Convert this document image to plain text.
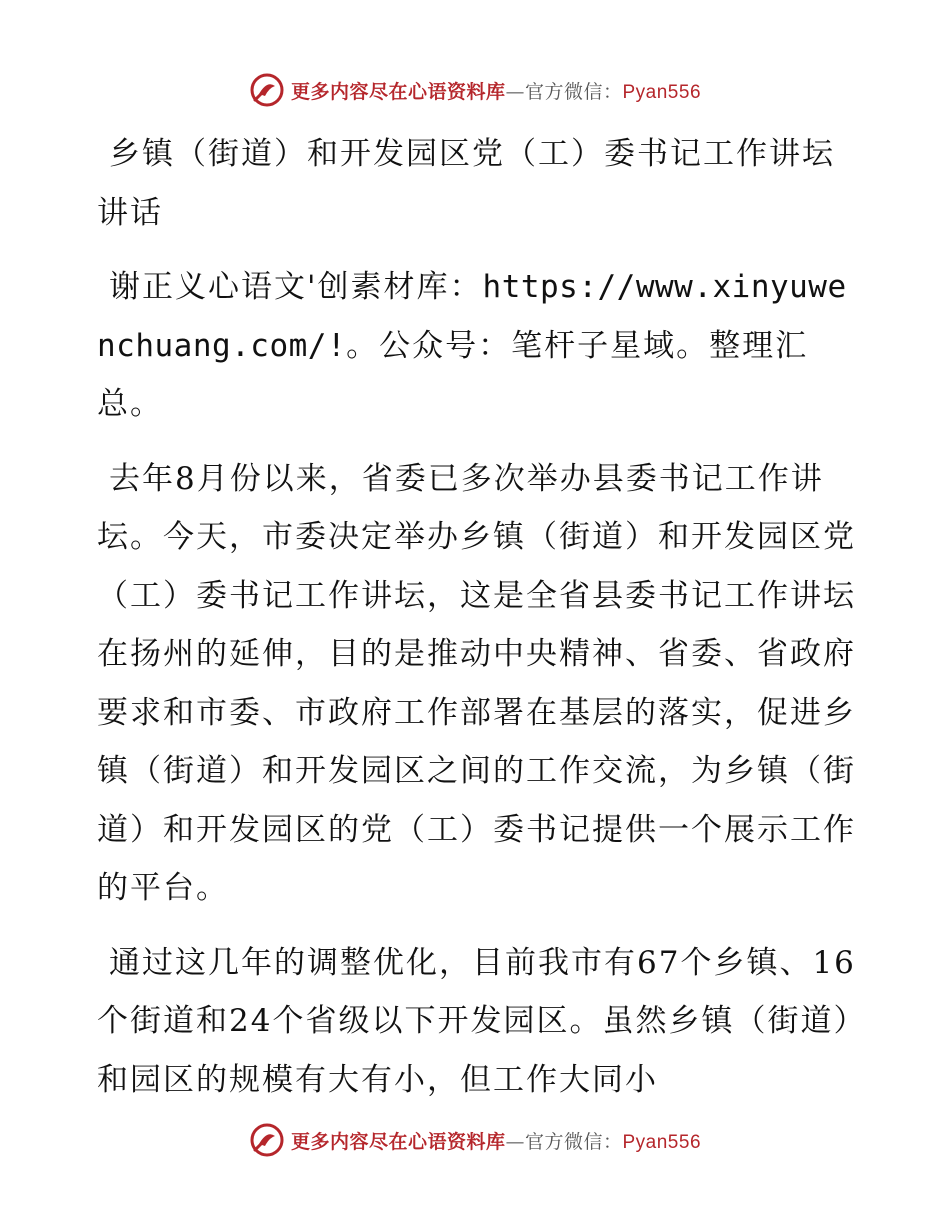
更多内容尽在心语资料库—官方微信：Pyan556

乡镇（街道）和开发园区党（工）委书记工作讲坛讲话

谢正义心语文'创素材库：https://www.xinyuwenchuang.com/!。公众号：笔杆子星域。整理汇总。

去年8月份以来，省委已多次举办县委书记工作讲坛。今天，市委决定举办乡镇（街道）和开发园区党（工）委书记工作讲坛，这是全省县委书记工作讲坛在扬州的延伸，目的是推动中央精神、省委、省政府要求和市委、市政府工作部署在基层的落实，促进乡镇（街道）和开发园区之间的工作交流，为乡镇（街道）和开发园区的党（工）委书记提供一个展示工作的平台。

通过这几年的调整优化，目前我市有67个乡镇、16个街道和24个省级以下开发园区。虽然乡镇（街道）和园区的规模有大有小，但工作大同小

更多内容尽在心语资料库—官方微信：Pyan556
